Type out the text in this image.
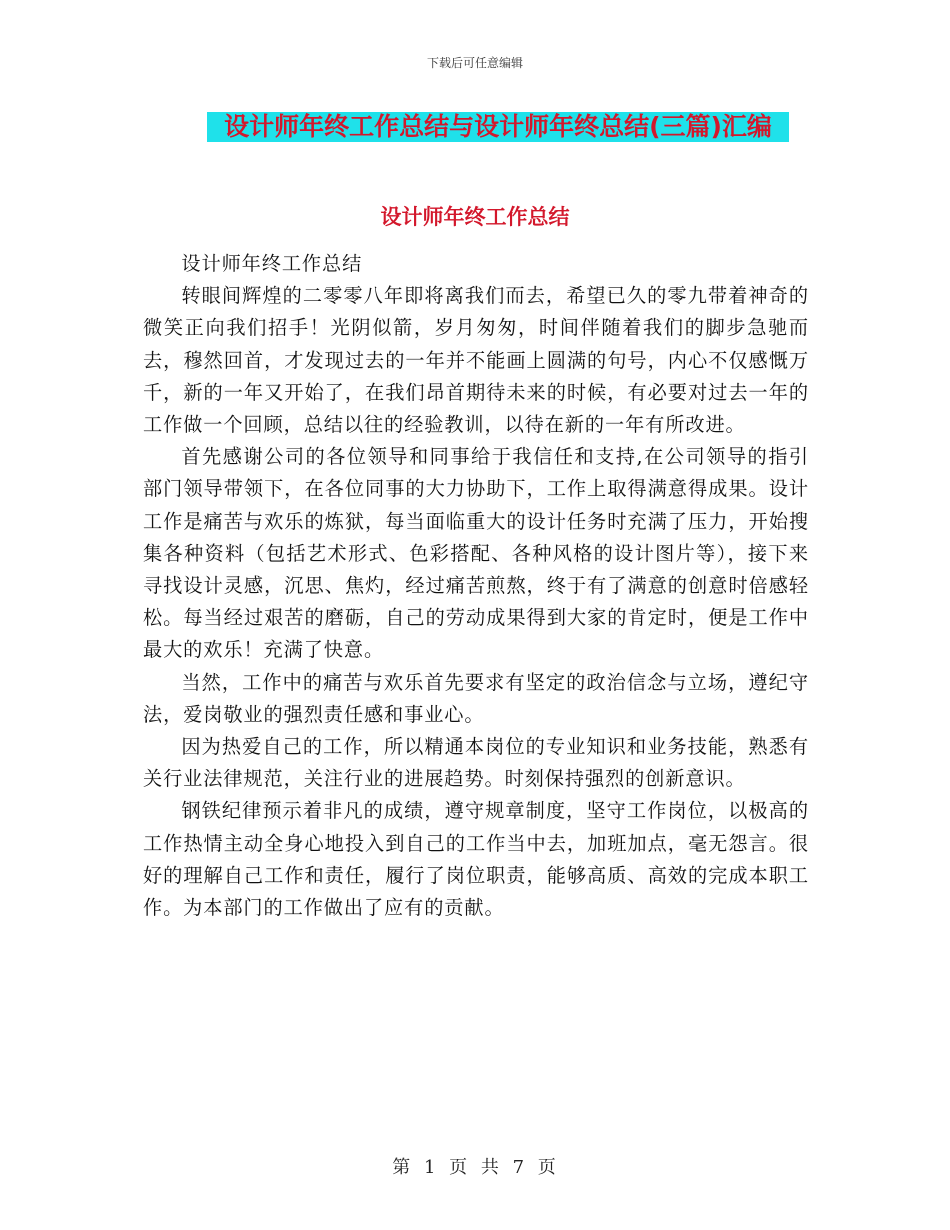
下载后可任意编辑

设计师年终工作总结与设计师年终总结(三篇)汇编
设计师年终工作总结

设计师年终工作总结

转眼间辉煌的二零零八年即将离我们而去，希望已久的零九带着神奇的微笑正向我们招手！光阴似箭，岁月匆匆，时间伴随着我们的脚步急驰而去，穆然回首，才发现过去的一年并不能画上圆满的句号，内心不仅感慨万千，新的一年又开始了，在我们昂首期待未来的时候，有必要对过去一年的工作做一个回顾，总结以往的经验教训，以待在新的一年有所改进。

首先感谢公司的各位领导和同事给于我信任和支持,在公司领导的指引部门领导带领下，在各位同事的大力协助下，工作上取得满意得成果。设计工作是痛苦与欢乐的炼狱，每当面临重大的设计任务时充满了压力，开始搜集各种资料（包括艺术形式、色彩搭配、各种风格的设计图片等），接下来寻找设计灵感，沉思、焦灼，经过痛苦煎熬，终于有了满意的创意时倍感轻松。每当经过艰苦的磨砺，自己的劳动成果得到大家的肯定时，便是工作中最大的欢乐！充满了快意。

当然，工作中的痛苦与欢乐首先要求有坚定的政治信念与立场，遵纪守法，爱岗敬业的强烈责任感和事业心。

因为热爱自己的工作，所以精通本岗位的专业知识和业务技能，熟悉有关行业法律规范，关注行业的进展趋势。时刻保持强烈的创新意识。

钢铁纪律预示着非凡的成绩，遵守规章制度，坚守工作岗位，以极高的工作热情主动全身心地投入到自己的工作当中去，加班加点，毫无怨言。很好的理解自己工作和责任，履行了岗位职责，能够高质、高效的完成本职工作。为本部门的工作做出了应有的贡献。

第 1 页 共 7 页
